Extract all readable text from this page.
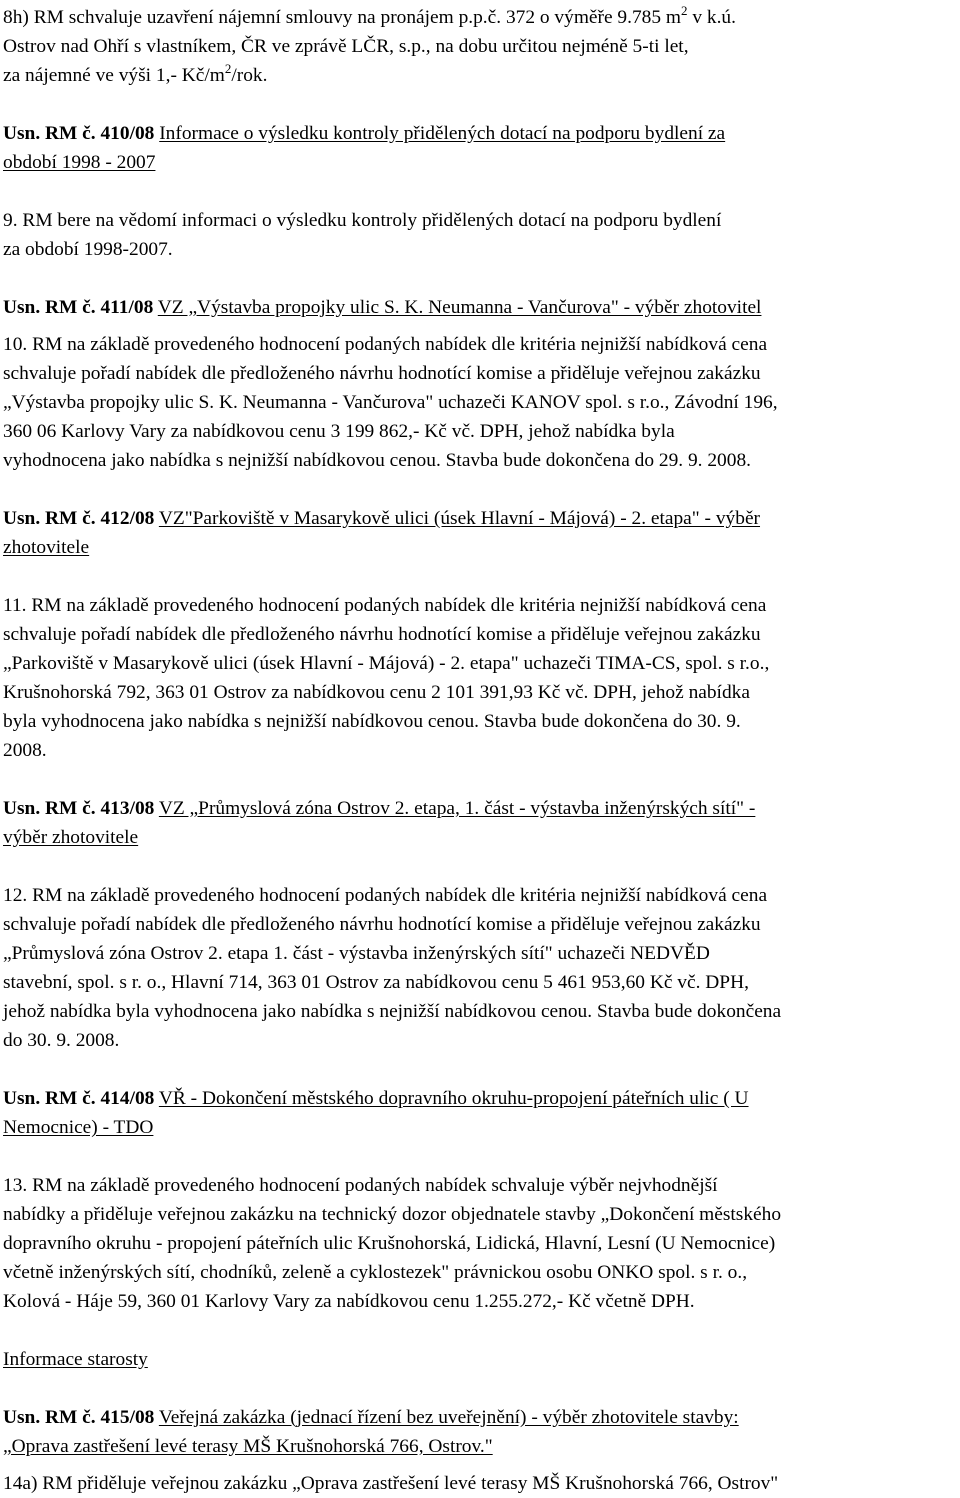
8h) RM schvaluje uzavření nájemní smlouvy na pronájem p.p.č. 372 o výměře 9.785 $m^2$ v k.ú.

Ostrov nad Ohří s vlastníkem, ČR ve zprávě LČR, s.p., na dobu určitou nejméně 5-ti let,

za nájemné ve výši 1,- $Kč/m^2$/rok.

Usn. RM č. 410/08 Informace o výsledku kontroly přidělených dotací na podporu bydlení za

období 1998 - 2007

9. RM bere na vědomí informaci o výsledku kontroly přidělených dotací na podporu bydlení

za období 1998-2007.

Usn. RM č. 411/08 VZ „Výstavba propojky ulic S. K. Neumanna - Vančurova" - výběr zhotovitel

10. RM na základě provedeného hodnocení podaných nabídek dle kritéria nejnižší nabídková cena

schvaluje pořadí nabídek dle předloženého návrhu hodnotící komise a přiděluje veřejnou zakázku

„Výstavba propojky ulic S. K. Neumanna - Vančurova" uchazeči KANOV spol. s r.o., Závodní 196,

360 06 Karlovy Vary za nabídkovou cenu 3 199 862,- Kč vč. DPH, jehož nabídka byla

vyhodnocena jako nabídka s nejnižší nabídkovou cenou. Stavba bude dokončena do 29. 9. 2008.

Usn. RM č. 412/08 VZ"Parkoviště v Masarykově ulici (úsek Hlavní - Májová) - 2. etapa" - výběr

zhotovitele

11. RM na základě provedeného hodnocení podaných nabídek dle kritéria nejnižší nabídková cena

schvaluje pořadí nabídek dle předloženého návrhu hodnotící komise a přiděluje veřejnou zakázku

„Parkoviště v Masarykově ulici (úsek Hlavní - Májová) - 2. etapa" uchazeči TIMA-CS, spol. s r.o.,

Krušnohorská 792, 363 01 Ostrov za nabídkovou cenu 2 101 391,93 Kč vč. DPH, jehož nabídka

byla vyhodnocena jako nabídka s nejnižší nabídkovou cenou. Stavba bude dokončena do 30. 9.

2008.

Usn. RM č. 413/08 VZ „Průmyslová zóna Ostrov 2. etapa, 1. část - výstavba inženýrských sítí" -

výběr zhotovitele

12. RM na základě provedeného hodnocení podaných nabídek dle kritéria nejnižší nabídková cena

schvaluje pořadí nabídek dle předloženého návrhu hodnotící komise a přiděluje veřejnou zakázku

„Průmyslová zóna Ostrov 2. etapa 1. část - výstavba inženýrských sítí" uchazeči NEDVĚD

stavební, spol. s r. o., Hlavní 714, 363 01 Ostrov za nabídkovou cenu 5 461 953,60 Kč vč. DPH,

jehož nabídka byla vyhodnocena jako nabídka s nejnižší nabídkovou cenou. Stavba bude dokončena

do 30. 9. 2008.

Usn. RM č. 414/08 VŘ - Dokončení městského dopravního okruhu-propojení páteřních ulic ( U

Nemocnice) - TDO

13. RM na základě provedeného hodnocení podaných nabídek schvaluje výběr nejvhodnější

nabídky a přiděluje veřejnou zakázku na technický dozor objednatele stavby „Dokončení městského

dopravního okruhu - propojení páteřních ulic Krušnohorská, Lidická, Hlavní, Lesní (U Nemocnice)

včetně inženýrských sítí, chodníků, zeleně a cyklostezek" právnickou osobu ONKO spol. s r. o.,

Kolová - Háje 59, 360 01 Karlovy Vary za nabídkovou cenu 1.255.272,- Kč včetně DPH.

Informace starosty

Usn. RM č. 415/08 Veřejná zakázka (jednací řízení bez uveřejnění) - výběr zhotovitele stavby:

„Oprava zastřešení levé terasy MŠ Krušnohorská 766, Ostrov."

14a) RM přiděluje veřejnou zakázku „Oprava zastřešení levé terasy MŠ Krušnohorská 766, Ostrov"
